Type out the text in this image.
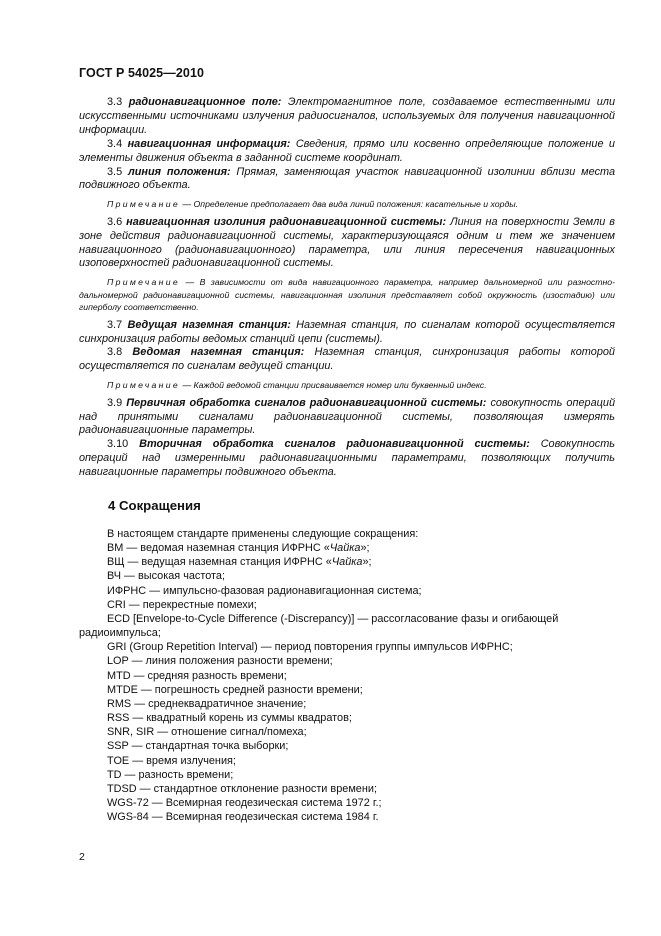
ГОСТ Р 54025—2010

3.3 радионавигационное поле: Электромагнитное поле, создаваемое естественными или искусственными источниками излучения радиосигналов, используемых для получения навигационной информации.

3.4 навигационная информация: Сведения, прямо или косвенно определяющие положение и элементы движения объекта в заданной системе координат.

3.5 линия положения: Прямая, заменяющая участок навигационной изолинии вблизи места подвижного объекта.

Примечание — Определение предполагает два вида линий положения: касательные и хорды.

3.6 навигационная изолиния радионавигационной системы: Линия на поверхности Земли в зоне действия радионавигационной системы, характеризующаяся одним и тем же значением навигационного (радионавигационного) параметра, или линия пересечения навигационных изоповерхностей радионавигационной системы.

Примечание — В зависимости от вида навигационного параметра, например дальномерной или разностно-дальномерной радионавигационной системы, навигационная изолиния представляет собой окружность (изостадию) или гиперболу соответственно.

3.7 Ведущая наземная станция: Наземная станция, по сигналам которой осуществляется синхронизация работы ведомых станций цепи (системы).

3.8 Ведомая наземная станция: Наземная станция, синхронизация работы которой осуществляется по сигналам ведущей станции.

Примечание — Каждой ведомой станции присваивается номер или буквенный индекс.

3.9 Первичная обработка сигналов радионавигационной системы: совокупность операций над принятыми сигналами радионавигационной системы, позволяющая измерять радионавигационные параметры.

3.10 Вторичная обработка сигналов радионавигационной системы: Совокупность операций над измеренными радионавигационными параметрами, позволяющих получить навигационные параметры подвижного объекта.

4 Сокращения

В настоящем стандарте применены следующие сокращения:

ВМ — ведомая наземная станция ИФРНС «Чайка»;

ВЩ — ведущая наземная станция ИФРНС «Чайка»;

ВЧ — высокая частота;

ИФРНС — импульсно-фазовая радионавигационная система;

CRI — перекрестные помехи;

ECD [Envelope-to-Cycle Difference (-Discrepancy)] — рассогласование фазы и огибающей радиоимпульса;

GRI (Group Repetition Interval) — период повторения группы импульсов ИФРНС;

LOP — линия положения разности времени;

MTD — средняя разность времени;

MTDE — погрешность средней разности времени;

RMS — среднеквадратичное значение;

RSS — квадратный корень из суммы квадратов;

SNR, SIR — отношение сигнал/помеха;

SSP — стандартная точка выборки;

TOE — время излучения;

TD — разность времени;

TDSD — стандартное отклонение разности времени;

WGS-72 — Всемирная геодезическая система 1972 г.;

WGS-84 — Всемирная геодезическая система 1984 г.

2
